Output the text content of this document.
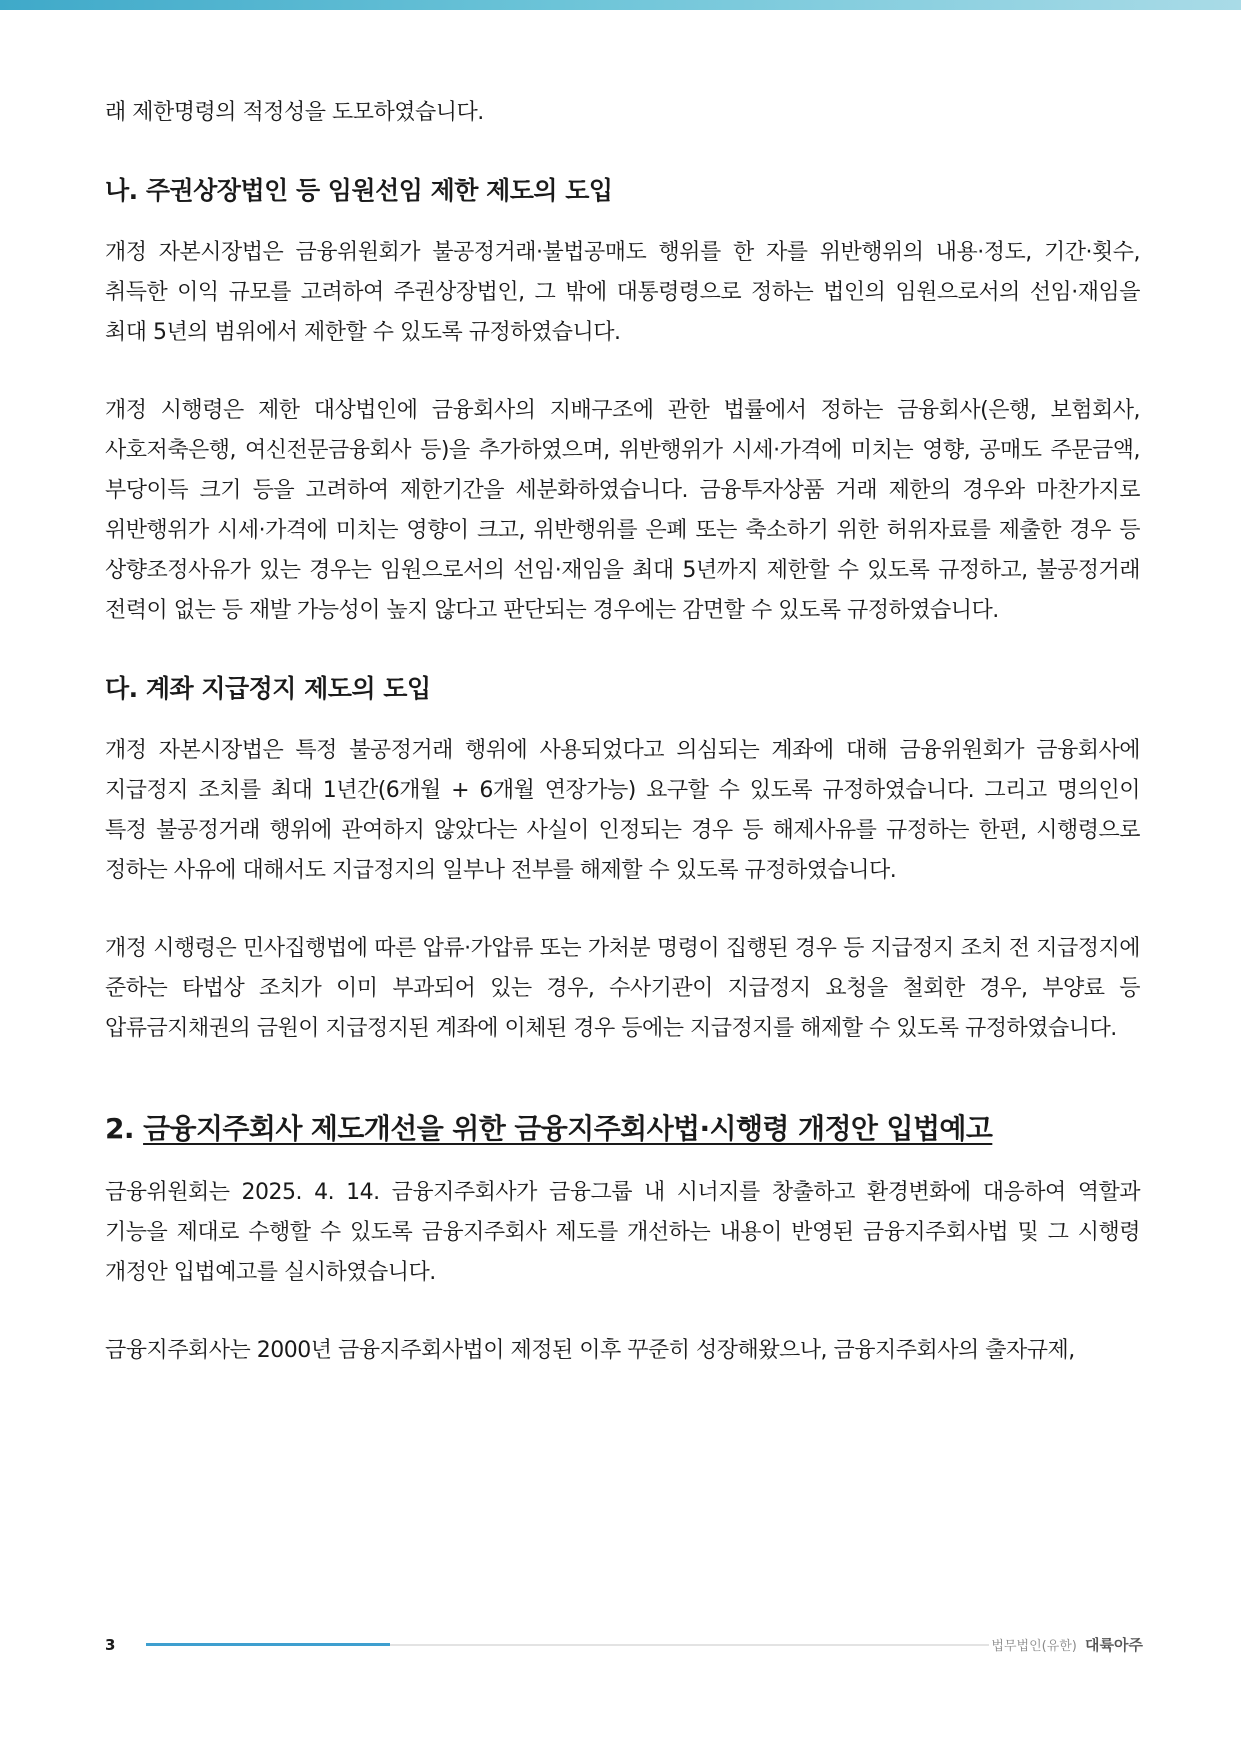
래 제한명령의 적정성을 도모하였습니다.

나. 주권상장법인 등 임원선임 제한 제도의 도입

개정 자본시장법은 금융위원회가 불공정거래·불법공매도 행위를 한 자를 위반행위의 내용·정도, 기간·횟수, 취득한 이익 규모를 고려하여 주권상장법인, 그 밖에 대통령령으로 정하는 법인의 임원으로서의 선임·재임을 최대 5년의 범위에서 제한할 수 있도록 규정하였습니다.

개정 시행령은 제한 대상법인에 금융회사의 지배구조에 관한 법률에서 정하는 금융회사(은행, 보험회사, 사호저축은행, 여신전문금융회사 등)을 추가하였으며, 위반행위가 시세·가격에 미치는 영향, 공매도 주문금액, 부당이득 크기 등을 고려하여 제한기간을 세분화하였습니다. 금융투자상품 거래 제한의 경우와 마찬가지로 위반행위가 시세·가격에 미치는 영향이 크고, 위반행위를 은폐 또는 축소하기 위한 허위자료를 제출한 경우 등 상향조정사유가 있는 경우는 임원으로서의 선임·재임을 최대 5년까지 제한할 수 있도록 규정하고, 불공정거래 전력이 없는 등 재발 가능성이 높지 않다고 판단되는 경우에는 감면할 수 있도록 규정하였습니다.

다. 계좌 지급정지 제도의 도입

개정 자본시장법은 특정 불공정거래 행위에 사용되었다고 의심되는 계좌에 대해 금융위원회가 금융회사에 지급정지 조치를 최대 1년간(6개월 + 6개월 연장가능) 요구할 수 있도록 규정하였습니다. 그리고 명의인이 특정 불공정거래 행위에 관여하지 않았다는 사실이 인정되는 경우 등 해제사유를 규정하는 한편, 시행령으로 정하는 사유에 대해서도 지급정지의 일부나 전부를 해제할 수 있도록 규정하였습니다.

개정 시행령은 민사집행법에 따른 압류·가압류 또는 가처분 명령이 집행된 경우 등 지급정지 조치 전 지급정지에 준하는 타법상 조치가 이미 부과되어 있는 경우, 수사기관이 지급정지 요청을 철회한 경우, 부양료 등 압류금지채권의 금원이 지급정지된 계좌에 이체된 경우 등에는 지급정지를 해제할 수 있도록 규정하였습니다.

2. 금융지주회사 제도개선을 위한 금융지주회사법·시행령 개정안 입법예고

금융위원회는 2025. 4. 14. 금융지주회사가 금융그룹 내 시너지를 창출하고 환경변화에 대응하여 역할과 기능을 제대로 수행할 수 있도록 금융지주회사 제도를 개선하는 내용이 반영된 금융지주회사법 및 그 시행령 개정안 입법예고를 실시하였습니다.

금융지주회사는 2000년 금융지주회사법이 제정된 이후 꾸준히 성장해왔으나, 금융지주회사의 출자규제,

3	법무법인(유한) 대륙아주
